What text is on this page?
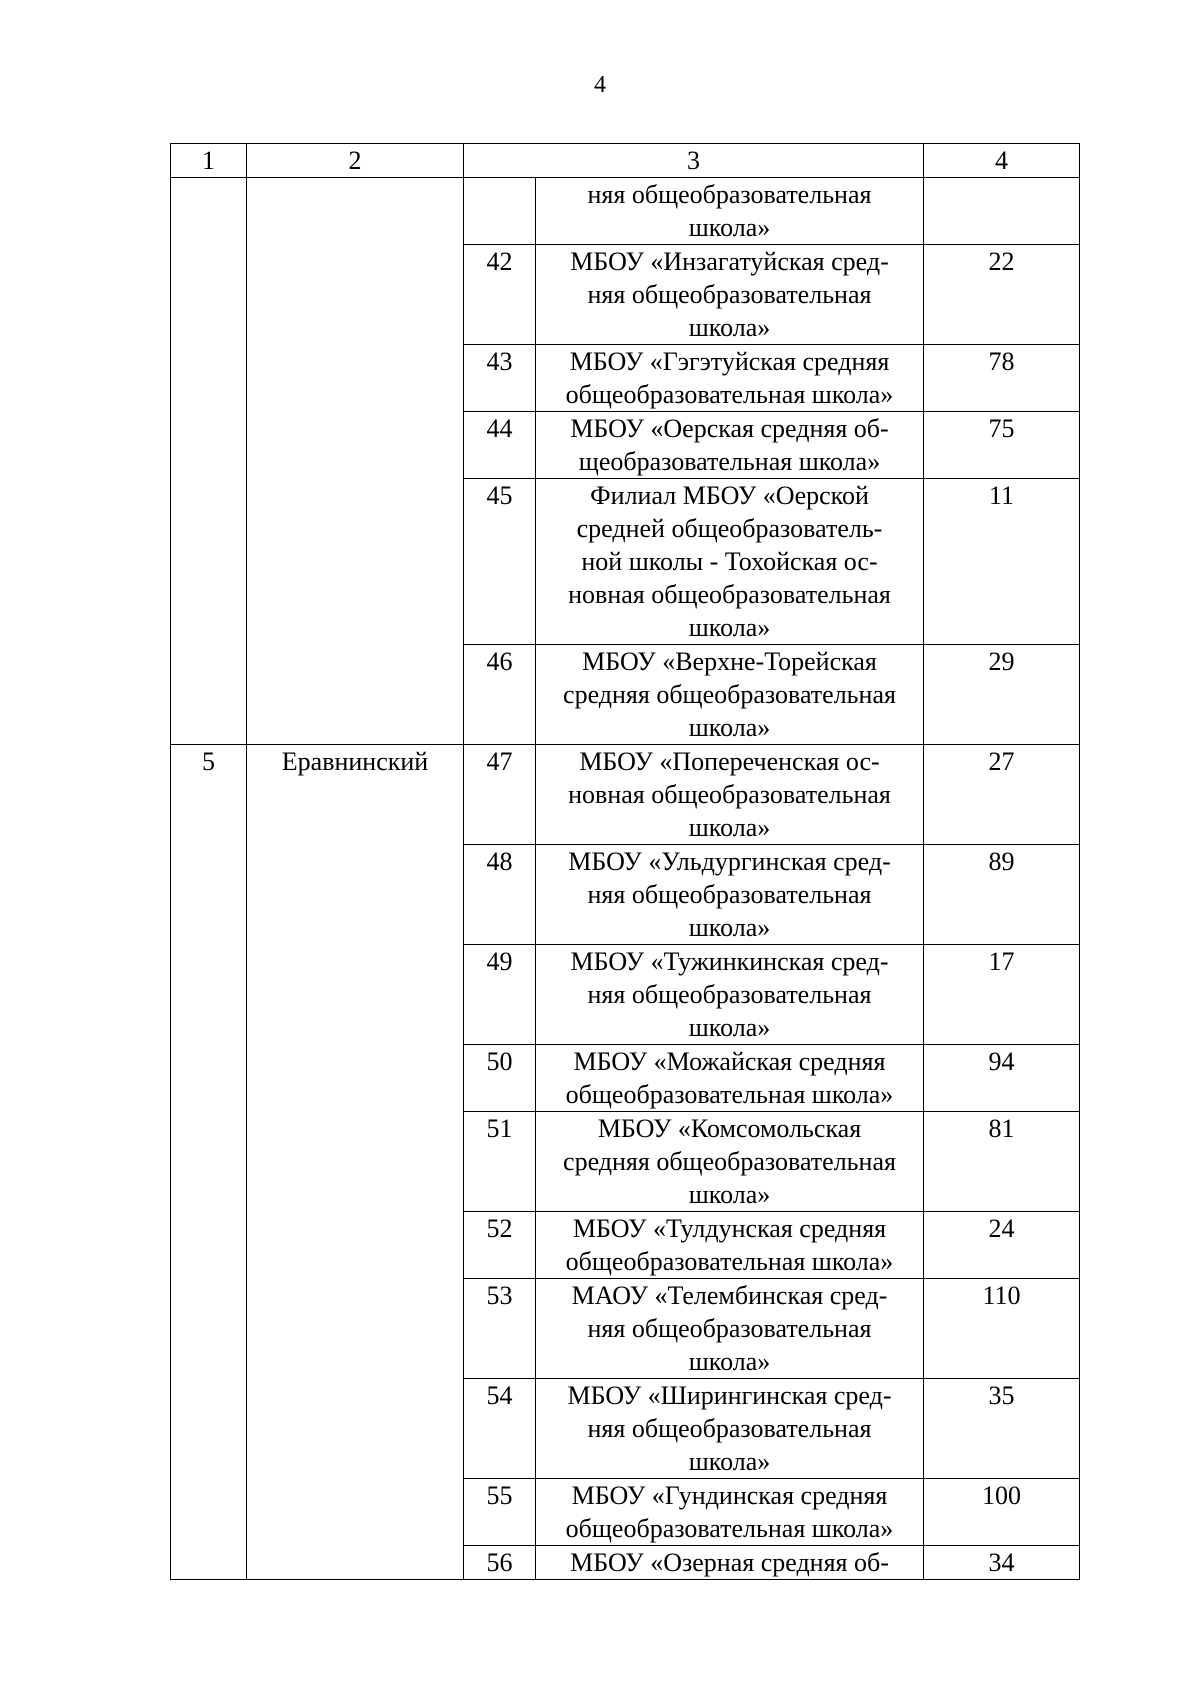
4
1	2	3		4

			няя общеобразовательная
школа»	

		42	МБОУ «Инзагатуйская сред-
няя общеобразовательная
школа»	22
		43	МБОУ «Гэгэтуйская средняя
общеобразовательная школа»	78
		44	МБОУ «Оерская средняя об-
щеобразовательная школа»	75
		45	Филиал МБОУ «Оерской
средней общеобразователь-
ной школы - Тохойская ос-
новная общеобразовательная
школа»	11
		46	МБОУ «Верхне-Торейская
средняя общеобразовательная
школа»	29
5	Еравнинский	47	МБОУ «Поперечeнская ос-
новная общеобразовательная
школа»	27
		48	МБОУ «Ульдургинская сред-
няя общеобразовательная
школа»	89
		49	МБОУ «Тужинкинская сред-
няя общеобразовательная
школа»	17
		50	МБОУ «Можайская средняя
общеобразовательная школа»	94
		51	МБОУ «Комсомольская
средняя общеобразовательная
школа»	81
		52	МБОУ «Тулдунская средняя
общеобразовательная школа»	24
		53	МАОУ «Телембинская сред-
няя общеобразовательная
школа»	110
		54	МБОУ «Ширингинская сред-
няя общеобразовательная
школа»	35
		55	МБОУ «Гундинская средняя
общеобразовательная школа»	100
		56	МБОУ «Озерная средняя об-	34
